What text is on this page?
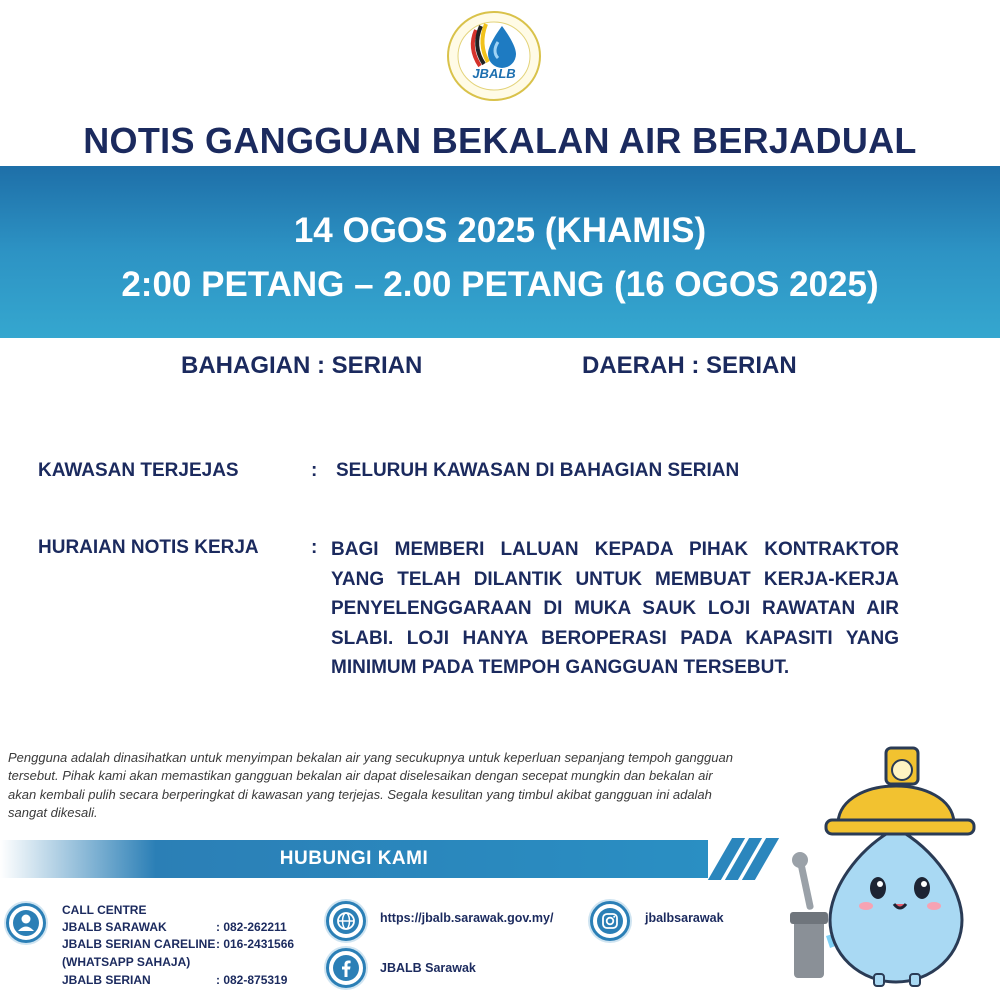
JBALB
NOTIS GANGGUAN BEKALAN AIR BERJADUAL
14 OGOS 2025 (KHAMIS)
2:00 PETANG – 2.00 PETANG (16 OGOS 2025)
BAHAGIAN : SERIAN	DAERAH : SERIAN
KAWASAN TERJEJAS	: SELURUH KAWASAN DI BAHAGIAN SERIAN
HURAIAN NOTIS KERJA	: BAGI MEMBERI LALUAN KEPADA PIHAK KONTRAKTOR YANG TELAH DILANTIK UNTUK MEMBUAT KERJA-KERJA PENYELENGGARAAN DI MUKA SAUK LOJI RAWATAN AIR SLABI. LOJI HANYA BEROPERASI PADA KAPASITI YANG MINIMUM PADA TEMPOH GANGGUAN TERSEBUT.
Pengguna adalah dinasihatkan untuk menyimpan bekalan air yang secukupnya untuk keperluan sepanjang tempoh gangguan tersebut. Pihak kami akan memastikan gangguan bekalan air dapat diselesaikan dengan secepat mungkin dan bekalan air akan kembali pulih secara berperingkat di kawasan yang terjejas. Segala kesulitan yang timbul akibat gangguan ini adalah sangat dikesali.
HUBUNGI KAMI
CALL CENTRE
JBALB SARAWAK	: 082-262211
JBALB SERIAN CARELINE : 016-2431566
(WHATSAPP SAHAJA)
JBALB SERIAN	: 082-875319
https://jbalb.sarawak.gov.my/
JBALB Sarawak
jbalbsarawak
